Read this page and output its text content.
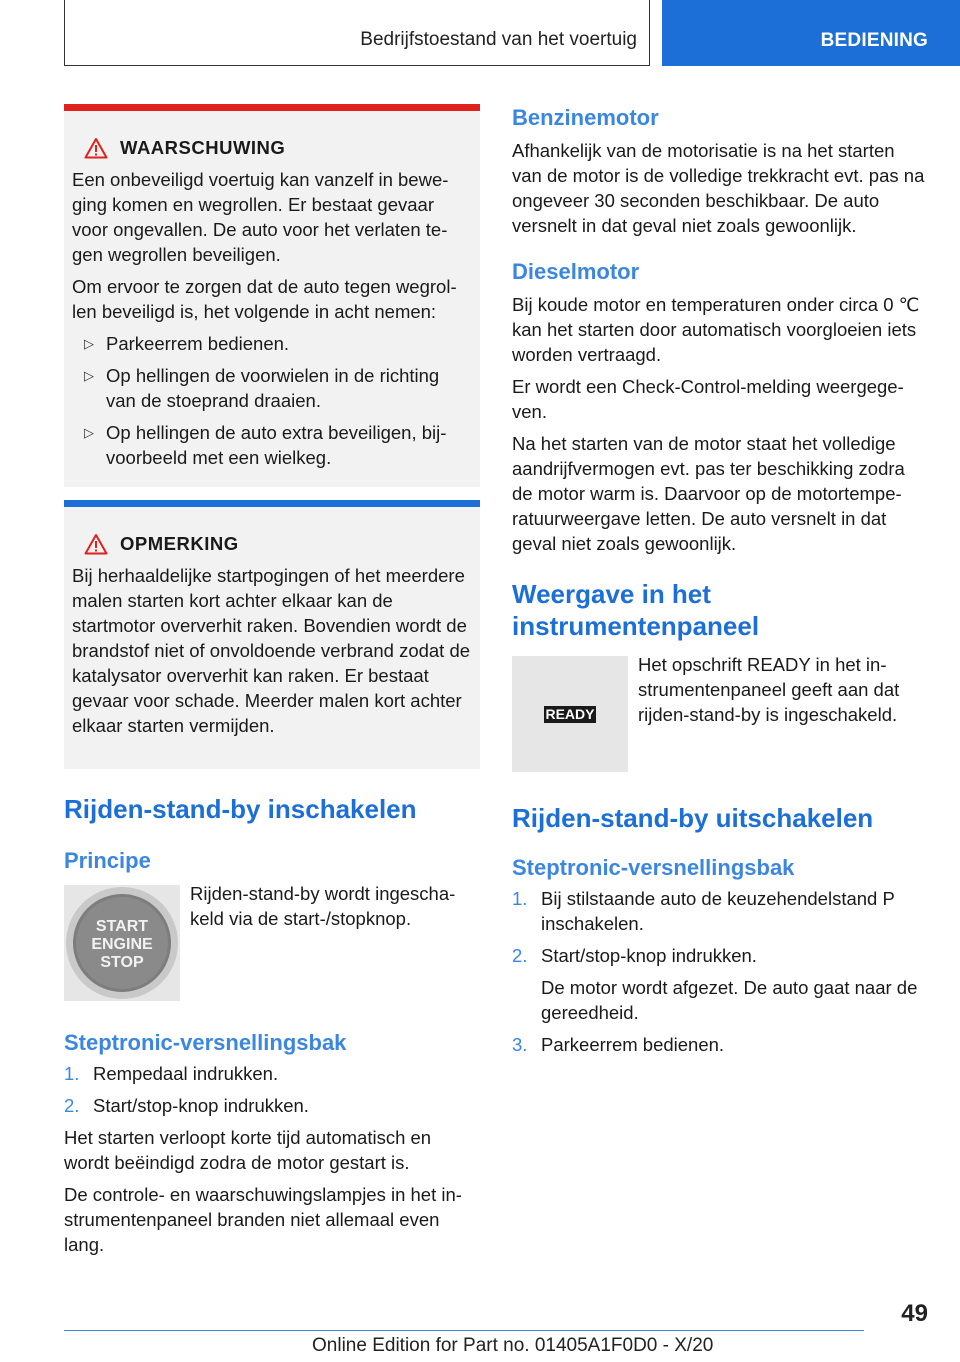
Bedrijfstoestand van het voertuig	BEDIENING
WAARSCHUWING

Een onbeveiligd voertuig kan vanzelf in beweging komen en wegrollen. Er bestaat gevaar voor ongevallen. De auto voor het verlaten tegen wegrollen beveiligen.

Om ervoor te zorgen dat de auto tegen wegrollen beveiligd is, het volgende in acht nemen:

▷ Parkeerrem bedienen.
▷ Op hellingen de voorwielen in de richting van de stoeprand draaien.
▷ Op hellingen de auto extra beveiligen, bijvoorbeeld met een wielkeg.
OPMERKING

Bij herhaaldelijke startpogingen of het meerdere malen starten kort achter elkaar kan de startmotor oververhit raken. Bovendien wordt de brandstof niet of onvoldoende verbrand zodat de katalysator oververhit kan raken. Er bestaat gevaar voor schade. Meerder malen kort achter elkaar starten vermijden.

Rijden-stand-by inschakelen
Principe
START
ENGINE
STOP

Rijden-stand-by wordt ingeschakeld via de start-/stopknop.

Steptronic-versnellingsbak
1. Rempedaal indrukken.
2. Start/stop-knop indrukken.

Het starten verloopt korte tijd automatisch en wordt beëindigd zodra de motor gestart is.

De controle- en waarschuwingslampjes in het instrumentenpaneel branden niet allemaal even lang.

Benzinemotor

Afhankelijk van de motorisatie is na het starten van de motor is de volledige trekkracht evt. pas na ongeveer 30 seconden beschikbaar. De auto versnelt in dat geval niet zoals gewoonlijk.

Dieselmotor

Bij koude motor en temperaturen onder circa 0 ℃ kan het starten door automatisch voorgloeien iets worden vertraagd.

Er wordt een Check-Control-melding weergegeven.

Na het starten van de motor staat het volledige aandrijfvermogen evt. pas ter beschikking zodra de motor warm is. Daarvoor op de motortemperatuurweergave letten. De auto versnelt in dat geval niet zoals gewoonlijk.

Weergave in het instrumentenpaneel
READY

Het opschrift READY in het instrumentenpaneel geeft aan dat rijden-stand-by is ingeschakeld.

Rijden-stand-by uitschakelen
Steptronic-versnellingsbak
1. Bij stilstaande auto de keuzehendelstand P inschakelen.
2. Start/stop-knop indrukken.
De motor wordt afgezet. De auto gaat naar de gereedheid.
3. Parkeerrem bedienen.
49
Online Edition for Part no. 01405A1F0D0 - X/20
